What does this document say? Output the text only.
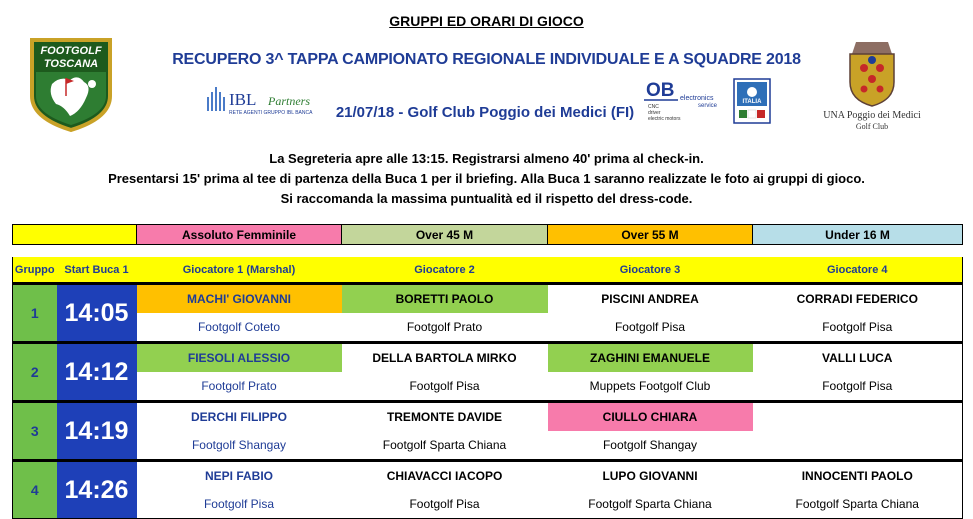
GRUPPI ED ORARI DI GIOCO
RECUPERO 3^ TAPPA CAMPIONATO REGIONALE INDIVIDUALE E A SQUADRE 2018
21/07/18 - Golf Club Poggio dei Medici (FI)
FOOTGOLF
TOSCANA
IBL Partners
RETE AGENTI GRUPPO IBL BANCA
OB electronics
service
CNC
driver
electric motors
ITALIA
UNA Poggio dei Medici
Golf Club
La Segreteria apre alle 13:15. Registrarsi almeno 40' prima al check-in.
Presentarsi 15' prima al tee di partenza della Buca 1 per il briefing. Alla Buca 1 saranno realizzate le foto ai gruppi di gioco.
Si raccomanda la massima puntualità ed il rispetto del dress-code.
	Assoluto Femminile	Over 45 M	Over 55 M	Under 16 M
Gruppo	Start Buca 1	Giocatore 1 (Marshal)	Giocatore 2	Giocatore 3	Giocatore 4
1	14:05	MACHI' GIOVANNI	BORETTI PAOLO	PISCINI ANDREA	CORRADI FEDERICO
		Footgolf Coteto	Footgolf Prato	Footgolf Pisa	Footgolf Pisa
2	14:12	FIESOLI ALESSIO	DELLA BARTOLA MIRKO	ZAGHINI EMANUELE	VALLI LUCA
		Footgolf Prato	Footgolf Pisa	Muppets Footgolf Club	Footgolf Pisa
3	14:19	DERCHI FILIPPO	TREMONTE DAVIDE	CIULLO CHIARA	
		Footgolf Shangay	Footgolf Sparta Chiana	Footgolf Shangay	
4	14:26	NEPI FABIO	CHIAVACCI IACOPO	LUPO GIOVANNI	INNOCENTI PAOLO
		Footgolf Pisa	Footgolf Pisa	Footgolf Sparta Chiana	Footgolf Sparta Chiana
